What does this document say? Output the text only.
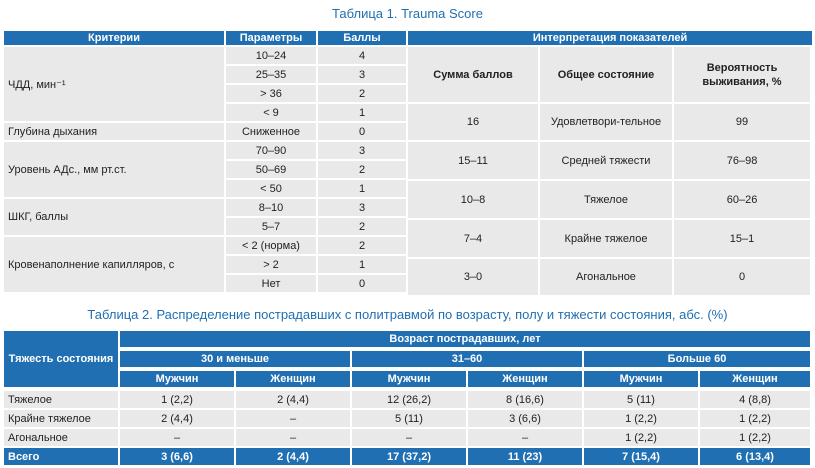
Таблица 1. Trauma Score
Критерии	Параметры	Баллы
ЧДД, мин⁻¹	10–24	4
	25–35	3
	> 36	2
	< 9	1
Глубина дыхания	Сниженное	0
Уровень АДс., мм рт.ст.	70–90	3
	50–69	2
	< 50	1
ШКГ, баллы	8–10	3
	5–7	2
Кровенаполнение капилляров, с	< 2 (норма)	2
	> 2	1
	Нет	0
Интерпретация показателей		
Сумма баллов	Общее состояние	Вероятность выживания, %
16	Удовлетвори-тельное	99
15–11	Средней тяжести	76–98
10–8	Тяжелое	60–26
7–4	Крайне тяжелое	15–1
3–0	Агональное	0
Таблица 2. Распределение пострадавших с политравмой по возрасту, полу и тяжести состояния, абс. (%)
Тяжесть состояния	Возраст пострадавших, лет					
	30 и меньше		31–60		Больше 60	
	Мужчин	Женщин	Мужчин	Женщин	Мужчин	Женщин
Тяжелое	1 (2,2)	2 (4,4)	12 (26,2)	8 (16,6)	5 (11)	4 (8,8)
Крайне тяжелое	2 (4,4)	–	5 (11)	3 (6,6)	1 (2,2)	1 (2,2)
Агональное	–	–	–	–	1 (2,2)	1 (2,2)
Всего	3 (6,6)	2 (4,4)	17 (37,2)	11 (23)	7 (15,4)	6 (13,4)
